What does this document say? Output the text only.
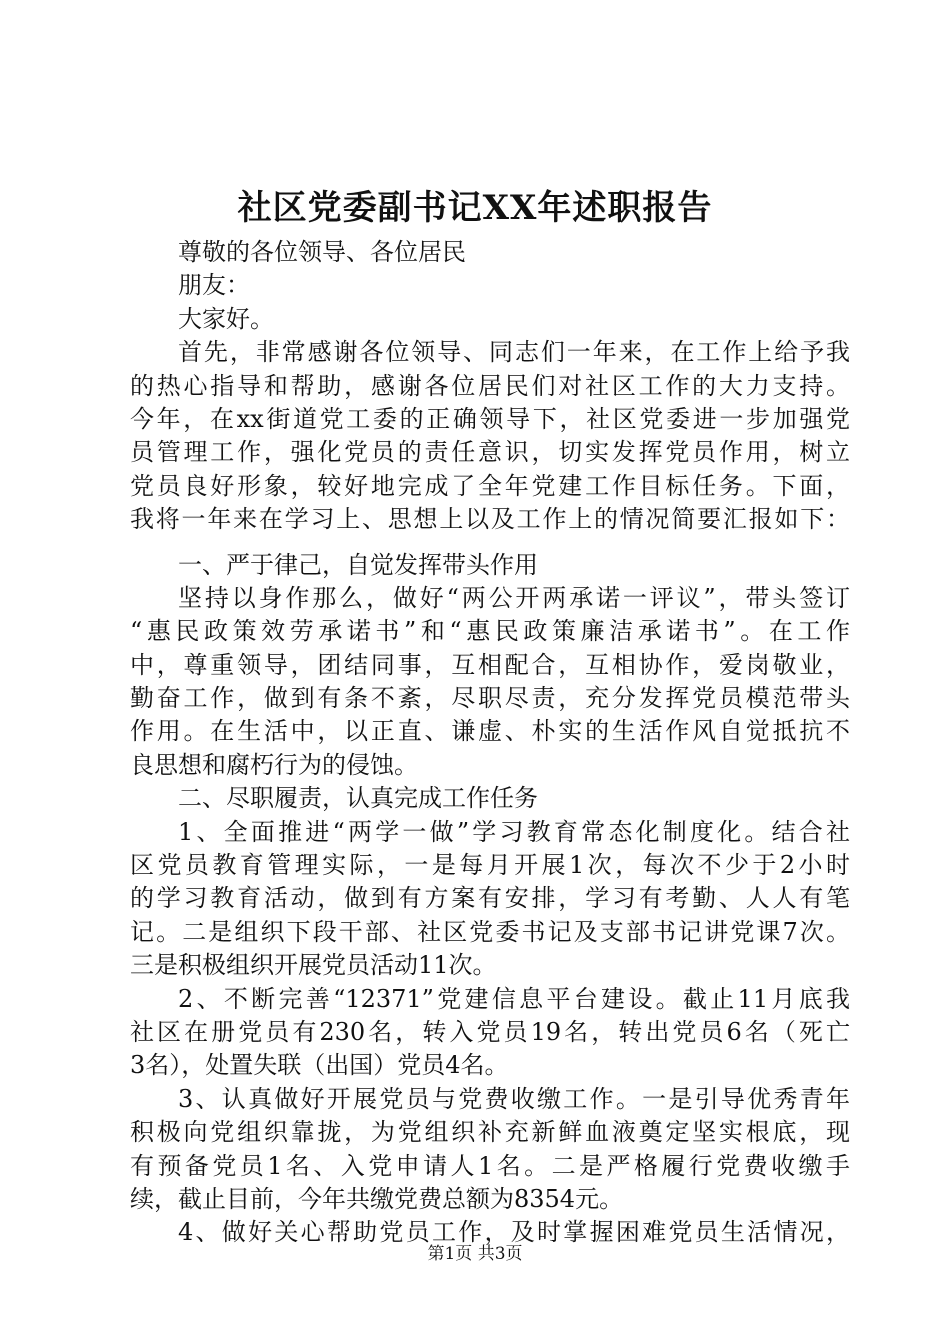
社区党委副书记XX年述职报告
尊敬的各位领导、各位居民
朋友：
大家好。
首先，非常感谢各位领导、同志们一年来，在工作上给予我
的热心指导和帮助，感谢各位居民们对社区工作的大力支持。
今年，在xx街道党工委的正确领导下，社区党委进一步加强党
员管理工作，强化党员的责任意识，切实发挥党员作用，树立
党员良好形象，较好地完成了全年党建工作目标任务。下面，
我将一年来在学习上、思想上以及工作上的情况简要汇报如下：
一、严于律己，自觉发挥带头作用
坚持以身作那么，做好“两公开两承诺一评议”，带头签订
“惠民政策效劳承诺书”和“惠民政策廉洁承诺书”。在工作
中，尊重领导，团结同事，互相配合，互相协作，爱岗敬业，
勤奋工作，做到有条不紊，尽职尽责，充分发挥党员模范带头
作用。在生活中，以正直、谦虚、朴实的生活作风自觉抵抗不
良思想和腐朽行为的侵蚀。
二、尽职履责，认真完成工作任务
1、全面推进“两学一做”学习教育常态化制度化。结合社
区党员教育管理实际，一是每月开展1次，每次不少于2小时
的学习教育活动，做到有方案有安排，学习有考勤、人人有笔
记。二是组织下段干部、社区党委书记及支部书记讲党课7次。
三是积极组织开展党员活动11次。
2、不断完善“12371”党建信息平台建设。截止11月底我
社区在册党员有230名，转入党员19名，转出党员6名（死亡
3名），处置失联（出国）党员4名。
3、认真做好开展党员与党费收缴工作。一是引导优秀青年
积极向党组织靠拢，为党组织补充新鲜血液奠定坚实根底，现
有预备党员1名、入党申请人1名。二是严格履行党费收缴手
续，截止目前，今年共缴党费总额为8354元。
4、做好关心帮助党员工作，及时掌握困难党员生活情况，
第1页 共3页
